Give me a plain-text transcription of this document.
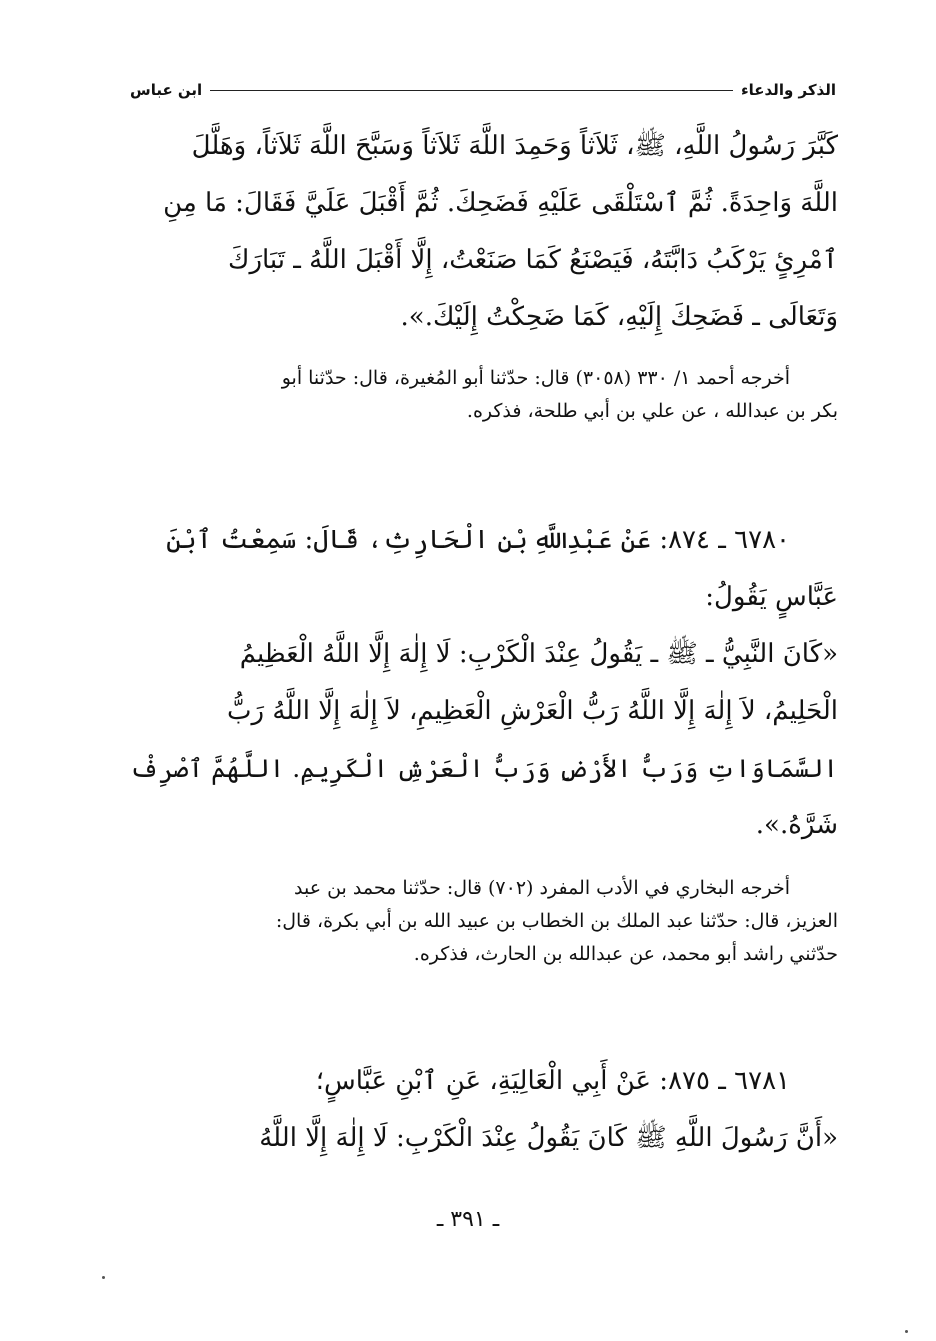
الذكر والدعاء
ابن عباس
كَبَّرَ رَسُولُ اللَّهِ، ﷺ، ثَلاَثاً وَحَمِدَ اللَّهَ ثَلاَثاً وَسَبَّحَ اللَّهَ ثَلاَثاً، وَهَلَّلَ
اللَّهَ وَاحِدَةً. ثُمَّ ٱسْتَلْقَى عَلَيْهِ فَضَحِكَ. ثُمَّ أَقْبَلَ عَلَيَّ فَقَالَ: مَا مِنِ
ٱمْرِئٍ يَرْكَبُ دَابَّتَهُ، فَيَصْنَعُ كَمَا صَنَعْتُ، إِلَّا أَقْبَلَ اللَّهُ ـ تَبَارَكَ
وَتَعَالَى ـ فَضَحِكَ إِلَيْهِ، كَمَا ضَحِكْتُ إِلَيْكَ.».
أخرجه أحمد ١/ ٣٣٠ (٣٠٥٨) قال: حدّثنا أبو المُغيرة، قال: حدّثنا أبو
بكر بن عبدالله ، عن علي بن أبي طلحة، فذكره.
٦٧٨٠ ـ ٨٧٤: عَنْ عَبْدِاللَّهِ بْنِ الْحَارِثِ، قَالَ: سَمِعْتُ ٱبْنَ
عَبَّاسٍ يَقُولُ:
«كَانَ النَّبِيُّ ـ ﷺ ـ يَقُولُ عِنْدَ الْكَرْبِ: لَا إِلٰهَ إِلَّا اللَّهُ الْعَظِيمُ
الْحَلِيمُ، لاَ إِلٰهَ إِلَّا اللَّهُ رَبُّ الْعَرْشِ الْعَظِيمِ، لاَ إِلٰهَ إِلَّا اللَّهُ رَبُّ
السَّمَاوَاتِ وَرَبُّ الأَرْضِ وَرَبُّ الْعَرْشِ الْكَرِيمِ. اللَّهُمَّ ٱصْرِفْ
شَرَّهُ.».
أخرجه البخاري في الأدب المفرد (٧٠٢) قال: حدّثنا محمد بن عبد
العزيز، قال: حدّثنا عبد الملك بن الخطاب بن عبيد الله بن أبي بكرة، قال:
حدّثني راشد أبو محمد، عن عبدالله بن الحارث، فذكره.
٦٧٨١ ـ ٨٧٥: عَنْ أَبِي الْعَالِيَةِ، عَنِ ٱبْنِ عَبَّاسٍ؛
«أَنَّ رَسُولَ اللَّهِ ﷺ كَانَ يَقُولُ عِنْدَ الْكَرْبِ: لَا إِلٰهَ إِلَّا اللَّهُ
ـ ٣٩١ ـ
